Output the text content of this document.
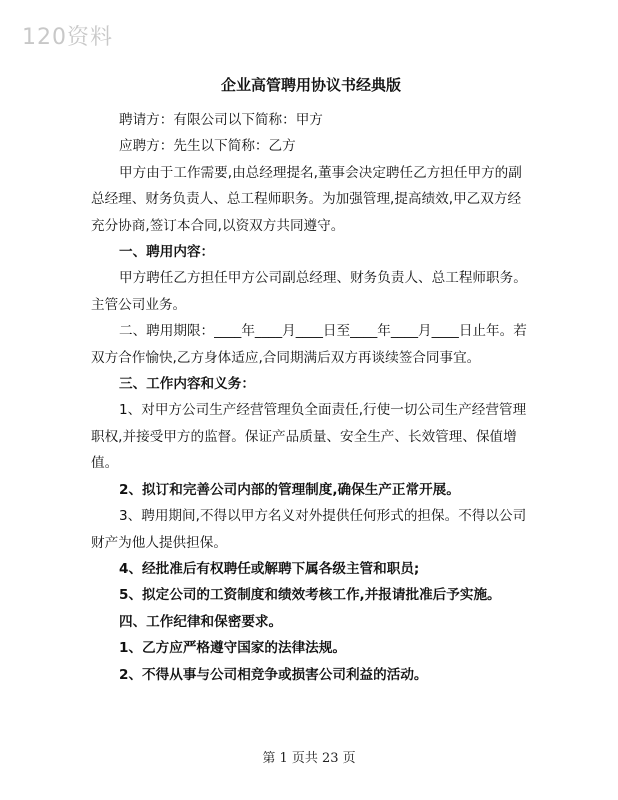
120资料
企业高管聘用协议书经典版

聘请方：有限公司以下简称：甲方

应聘方：先生以下简称：乙方

甲方由于工作需要,由总经理提名,董事会决定聘任乙方担任甲方的副总经理、财务负责人、总工程师职务。为加强管理,提高绩效,甲乙双方经充分协商,签订本合同,以资双方共同遵守。

一、聘用内容：

甲方聘任乙方担任甲方公司副总经理、财务负责人、总工程师职务。主管公司业务。

二、聘用期限：____年____月____日至____年____月____日止年。若双方合作愉快,乙方身体适应,合同期满后双方再谈续签合同事宜。

三、工作内容和义务：

1、对甲方公司生产经营管理负全面责任,行使一切公司生产经营管理职权,并接受甲方的监督。保证产品质量、安全生产、长效管理、保值增值。

2、拟订和完善公司内部的管理制度,确保生产正常开展。

3、聘用期间,不得以甲方名义对外提供任何形式的担保。不得以公司财产为他人提供担保。

4、经批准后有权聘任或解聘下属各级主管和职员;

5、拟定公司的工资制度和绩效考核工作,并报请批准后予实施。

四、工作纪律和保密要求。

1、乙方应严格遵守国家的法律法规。

2、不得从事与公司相竞争或损害公司利益的活动。

第 1 页共 23 页
